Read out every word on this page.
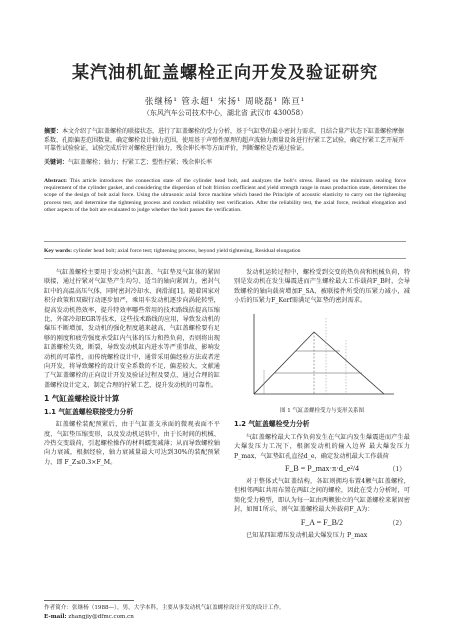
某汽油机缸盖螺栓正向开发及验证研究
张继杨¹ 管永超¹ 宋扬¹ 周晓磊¹ 陈亘¹
（东风汽车公司技术中心，湖北省 武汉市 430058）
摘要：本文介绍了气缸盖螺栓的联接状态，进行了缸盖螺栓的受力分析，基于气缸垫的最小密封力需求，且结合量产状态下缸盖螺栓摩擦系数、孔隙偏差范围数量，确定螺栓设计轴力范围，使用基于声弹性原理的超声波轴力测量设备进行拧紧工艺试验，确定拧紧工艺开展开可靠性试验验证，试验完成后针对螺栓进行轴力，残余伸长率等方面评价，判断螺栓是否通过验证。
关键词：气缸盖螺栓；轴力；拧紧工艺；塑性拧紧；残余伸长率
Abstract: This article introduces the connection state of the cylinder head bolt, and analyzes the bolt’s stress. Based on the minimum sealing force requirement of the cylinder gasket, and considering the dispersion of bolt friction coefficient and yield strength range in mass production state, determines the scope of the design of bolt axial force. Using the ultrasonic axial force machine which based the Principle of acoustic elasticity to carry out the tightening process test, and determine the tightening process and conduct reliability test verification. After the reliability test, the axial force, residual elongation and other aspects of the bolt are evaluated to judge whether the bolt passes the verification.
Key words: cylinder head bolt; axial force test; tightening process, beyond yield tightening, Residual elongation

气缸盖螺栓主要用于发动机气缸盖、气缸垫及气缸体的紧固联接，通过拧紧对气缸垫产生均匀、适当的轴向紧固力，密封气缸中的高温高压气体，同时密封冷却水、润滑油[1]。随着国家对积分政策和双碳行动逐步加严，乘用车发动机逐步向涡轮转型，提高发动机热效率，提升特效率哪些常用的技术路线括提高压缩比、外部冷却EGR等技术，这些技术路线的应用，导致发动机的爆压不断增加，发动机的强化程度越来越高，气缸盖螺栓要有足够的刚度和疲劳强度承受缸内气体的压力和热负荷，否则将出现缸盖螺栓失效，断裂，导致发动机缸内进水等严重事故，影响发动机的可靠性，而传统螺栓设计中，通常采用偏经验方法或者逆向开发，将导致螺栓的设计安全系数的不足，偏差较大，文献通了气缸盖螺栓的正向设计开发及验证过程及要点，通过合理的缸盖螺栓设计定义，制定合理的拧紧工艺，提升发动机的可靠性。

1 气缸盖螺栓设计计算
1.1 气缸盖螺栓联接受力分析

缸盖螺栓装配预紧后，由于气缸盖支承面的微观表面不平度、气缸垫压缩变形，以及发动机运转中，由于长时间的机械、冷热交变载荷，引起螺栓操作的材料蠕变减薄；从而导致螺栓轴向力衰减，根据经验，轴力衰减量最大可达到30%的装配预紧力，即 F_Z≤0.3×F_M。

发动机运转过程中，螺栓受到交变的热负荷和机械负荷，特别是发动机在发生爆震进而产生螺栓最大工作载荷F_B时，会导致螺栓的轴向载荷增加F_SA，被联接件所受的压紧力减小，减小后的压紧力F_Kerf需满足气缸垫的密封需求。

图 1 气缸盖螺栓受力与变形关系图
1.2 气缸盖螺栓受力分析

气缸盖螺栓最大工作负荷发生在气缸内发生爆震进而产生最大爆发压力工况下，根据发动机的输入边界 最大爆发压力P_max，气缸垫缸孔直径d_e，确定发动机最大工作载荷

F_B = P_max·π·d_e²/4	（1）

对于整体式气缸盖结构，各缸则拥均布置4颗气缸盖螺栓，但相邻两缸共用布置在两缸之间的螺栓，因此在受力分析时，可简化受力模型，即认为每一缸由两颗独立的气缸盖螺栓来紧固密封，如图1所示，则气缸盖螺栓最大外载荷F_A为：

F_A = F_B/2	（2）

已知某四缸增压发动机最大爆发压力 P_max

作者简介：张继杨（1988—），男，大学本科，主要从事发动机气缸盖螺栓设计开发的设计工作。
E-mail: zhangjiy@dfmc.com.cn
